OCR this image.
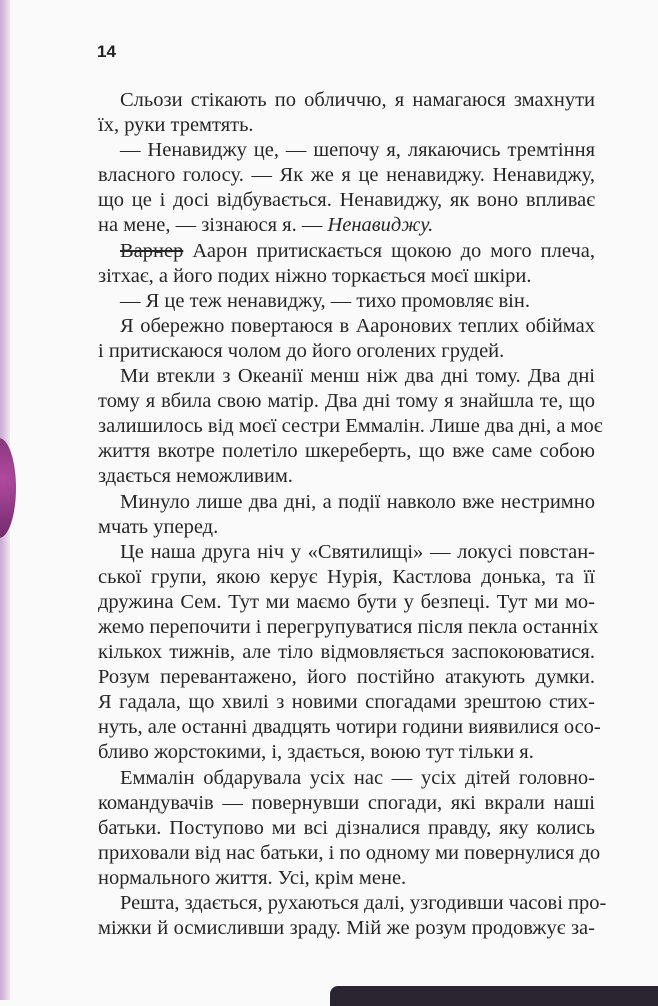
14
Сльози стікають по обличчю, я намагаюся змахнути
їх, руки тремтять.
— Ненавиджу це, — шепочу я, лякаючись тремтіння
власного голосу. — Як же я це ненавиджу. Ненавиджу,
що це і досі відбувається. Ненавиджу, як воно впливає
на мене, — зізнаюся я. — Ненавиджу.
Варнер Аарон притискається щокою до мого плеча,
зітхає, а його подих ніжно торкається моєї шкіри.
— Я це теж ненавиджу, — тихо промовляє він.
Я обережно повертаюся в Ааронових теплих обіймах
і притискаюся чолом до його оголених грудей.
Ми втекли з Океанії менш ніж два дні тому. Два дні
тому я вбила свою матір. Два дні тому я знайшла те, що
залишилось від моєї сестри Еммалін. Лише два дні, а моє
життя вкотре полетіло шкереберть, що вже саме собою
здається неможливим.
Минуло лише два дні, а події навколо вже нестримно
мчать уперед.
Це наша друга ніч у «Святилищі» — локусі повстан-
ської групи, якою керує Нурія, Кастлова донька, та її
дружина Сем. Тут ми маємо бути у безпеці. Тут ми мо-
жемо перепочити і перегрупуватися після пекла останніх
кількох тижнів, але тіло відмовляється заспокоюватися.
Розум перевантажено, його постійно атакують думки.
Я гадала, що хвилі з новими спогадами зрештою стих-
нуть, але останні двадцять чотири години виявилися осо-
бливо жорстокими, і, здається, воюю тут тільки я.
Еммалін обдарувала усіх нас — усіх дітей головно-
командувачів — повернувши спогади, які вкрали наші
батьки. Поступово ми всі дізналися правду, яку колись
приховали від нас батьки, і по одному ми повернулися до
нормального життя. Усі, крім мене.
Решта, здається, рухаються далі, узгодивши часові про-
міжки й осмисливши зраду. Мій же розум продовжує за-
